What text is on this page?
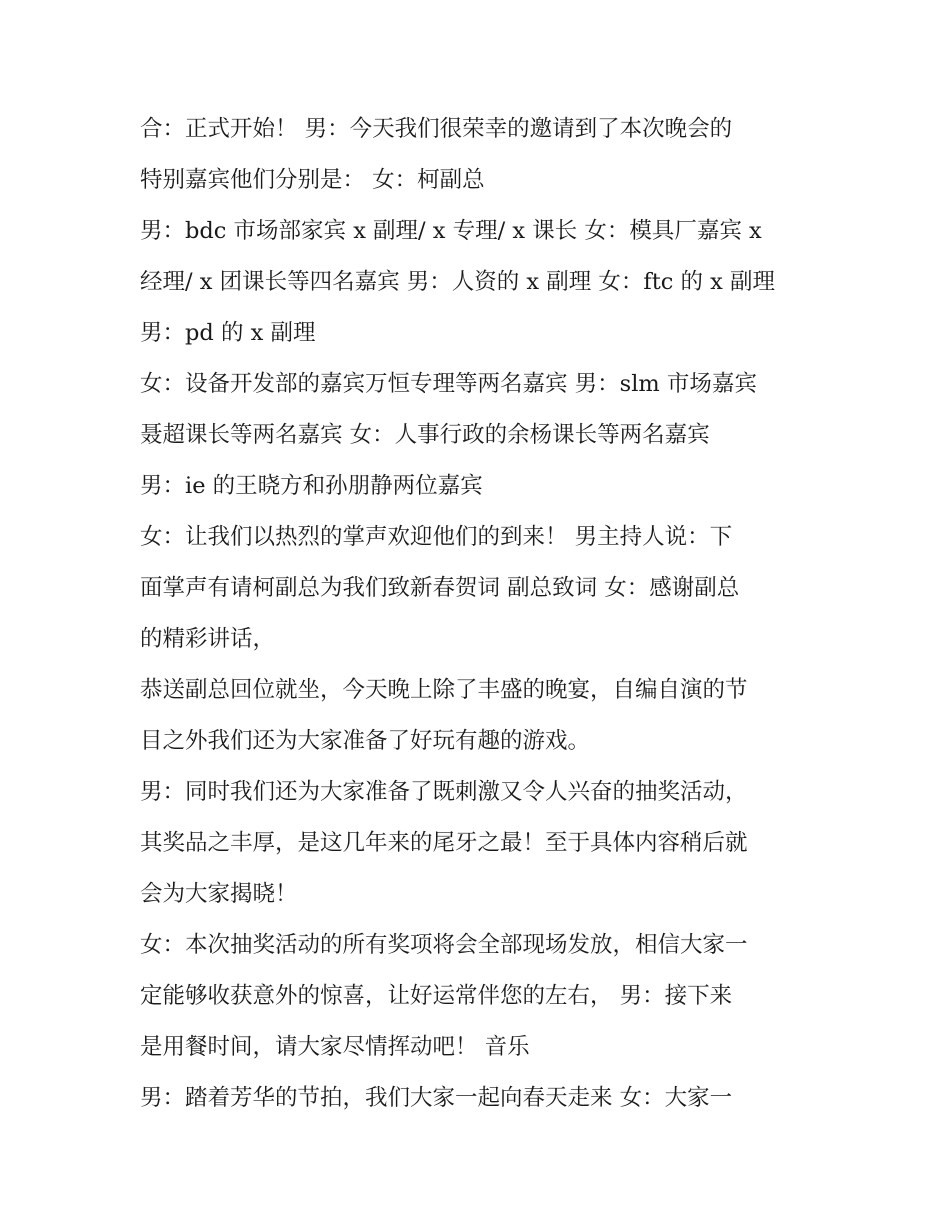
合：正式开始！ 男：今天我们很荣幸的邀请到了本次晚会的
特别嘉宾他们分别是： 女：柯副总
男：bdc 市场部家宾 x 副理/ x 专理/ x 课长 女：模具厂嘉宾 x
经理/ x 团课长等四名嘉宾 男：人资的 x 副理 女：ftc 的 x 副理
男：pd 的 x 副理
女：设备开发部的嘉宾万恒专理等两名嘉宾 男：slm 市场嘉宾
聂超课长等两名嘉宾 女：人事行政的余杨课长等两名嘉宾
男：ie 的王晓方和孙朋静两位嘉宾
女：让我们以热烈的掌声欢迎他们的到来！ 男主持人说：下
面掌声有请柯副总为我们致新春贺词 副总致词 女：感谢副总
的精彩讲话，
恭送副总回位就坐，今天晚上除了丰盛的晚宴，自编自演的节
目之外我们还为大家准备了好玩有趣的游戏。
男：同时我们还为大家准备了既刺激又令人兴奋的抽奖活动，
其奖品之丰厚，是这几年来的尾牙之最！至于具体内容稍后就
会为大家揭晓！
女：本次抽奖活动的所有奖项将会全部现场发放，相信大家一
定能够收获意外的惊喜，让好运常伴您的左右， 男：接下来
是用餐时间，请大家尽情挥动吧！ 音乐
男：踏着芳华的节拍，我们大家一起向春天走来 女：大家一
